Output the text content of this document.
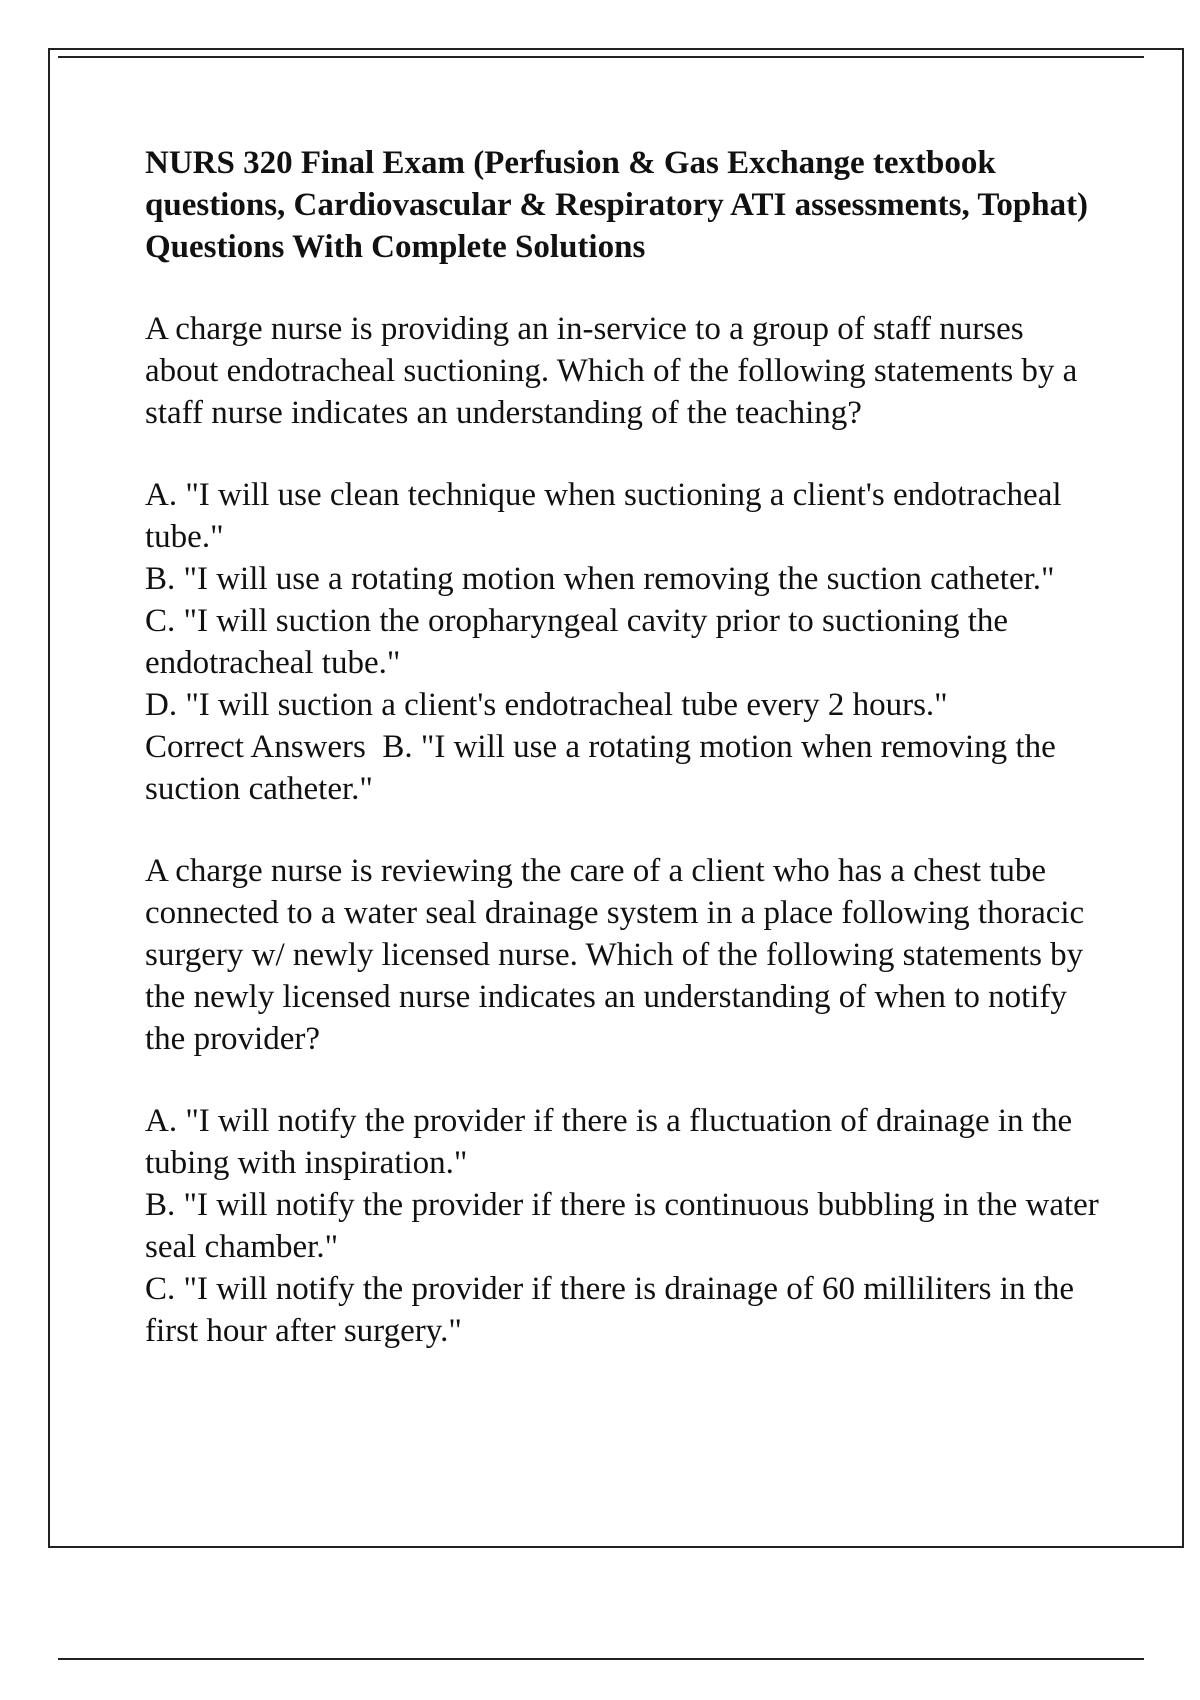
NURS 320 Final Exam (Perfusion & Gas Exchange textbook questions, Cardiovascular & Respiratory ATI assessments, Tophat) Questions With Complete Solutions
A charge nurse is providing an in-service to a group of staff nurses about endotracheal suctioning. Which of the following statements by a staff nurse indicates an understanding of the teaching?
A. "I will use clean technique when suctioning a client's endotracheal tube."
B. "I will use a rotating motion when removing the suction catheter."
C. "I will suction the oropharyngeal cavity prior to suctioning the endotracheal tube."
D. "I will suction a client's endotracheal tube every 2 hours."
Correct Answers B. "I will use a rotating motion when removing the suction catheter."
A charge nurse is reviewing the care of a client who has a chest tube connected to a water seal drainage system in a place following thoracic surgery w/ newly licensed nurse. Which of the following statements by the newly licensed nurse indicates an understanding of when to notify the provider?
A. "I will notify the provider if there is a fluctuation of drainage in the tubing with inspiration."
B. "I will notify the provider if there is continuous bubbling in the water seal chamber."
C. "I will notify the provider if there is drainage of 60 milliliters in the first hour after surgery."
